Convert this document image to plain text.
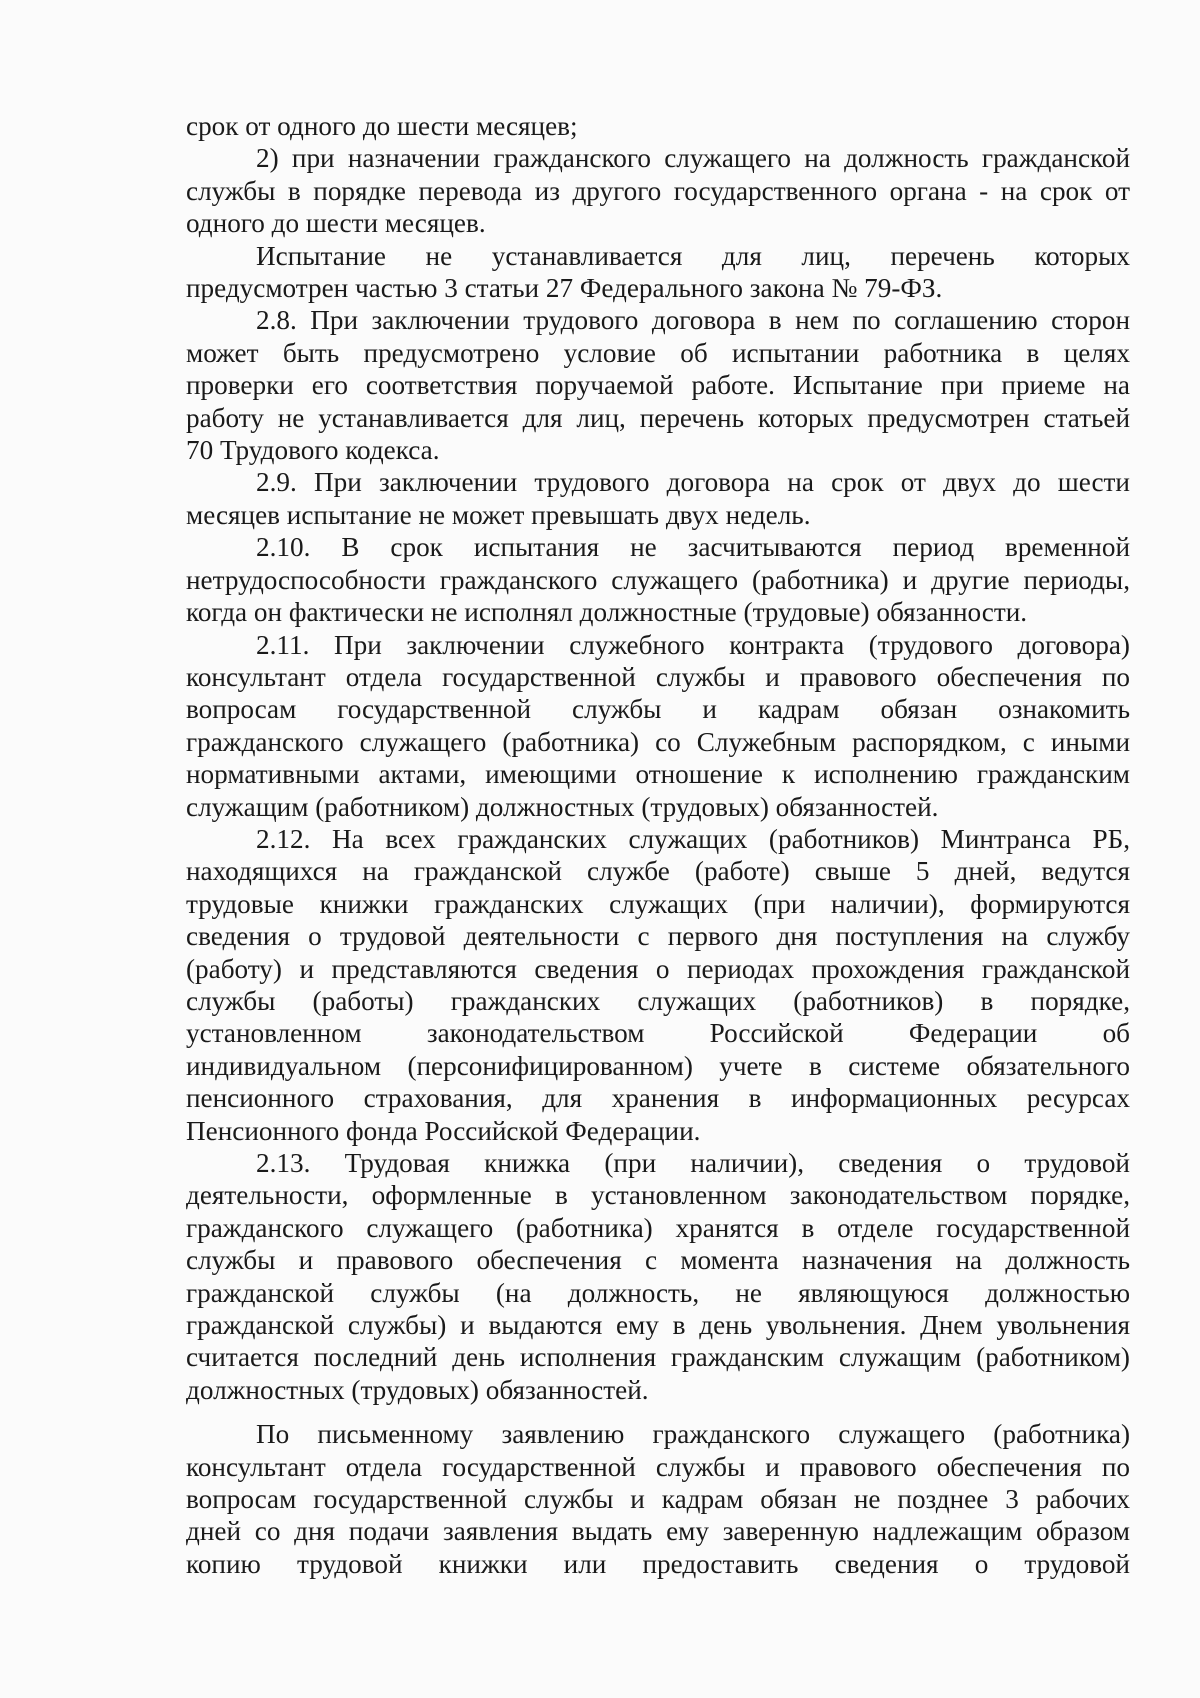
срок от одного до шести месяцев;
2) при назначении гражданского служащего на должность гражданской
службы в порядке перевода из другого государственного органа - на срок от
одного до шести месяцев.
Испытание не устанавливается для лиц, перечень которых
предусмотрен частью 3 статьи 27 Федерального закона № 79-ФЗ.
2.8. При заключении трудового договора в нем по соглашению сторон
может быть предусмотрено условие об испытании работника в целях
проверки его соответствия поручаемой работе. Испытание при приеме на
работу не устанавливается для лиц, перечень которых предусмотрен статьей
70 Трудового кодекса.
2.9. При заключении трудового договора на срок от двух до шести
месяцев испытание не может превышать двух недель.
2.10. В срок испытания не засчитываются период временной
нетрудоспособности гражданского служащего (работника) и другие периоды,
когда он фактически не исполнял должностные (трудовые) обязанности.
2.11. При заключении служебного контракта (трудового договора)
консультант отдела государственной службы и правового обеспечения по
вопросам государственной службы и кадрам обязан ознакомить
гражданского служащего (работника) со Служебным распорядком, с иными
нормативными актами, имеющими отношение к исполнению гражданским
служащим (работником) должностных (трудовых) обязанностей.
2.12. На всех гражданских служащих (работников) Минтранса РБ,
находящихся на гражданской службе (работе) свыше 5 дней, ведутся
трудовые книжки гражданских служащих (при наличии), формируются
сведения о трудовой деятельности с первого дня поступления на службу
(работу) и представляются сведения о периодах прохождения гражданской
службы (работы) гражданских служащих (работников) в порядке,
установленном законодательством Российской Федерации об
индивидуальном (персонифицированном) учете в системе обязательного
пенсионного страхования, для хранения в информационных ресурсах
Пенсионного фонда Российской Федерации.
2.13. Трудовая книжка (при наличии), сведения о трудовой
деятельности, оформленные в установленном законодательством порядке,
гражданского служащего (работника) хранятся в отделе государственной
службы и правового обеспечения с момента назначения на должность
гражданской службы (на должность, не являющуюся должностью
гражданской службы) и выдаются ему в день увольнения. Днем увольнения
считается последний день исполнения гражданским служащим (работником)
должностных (трудовых) обязанностей.
По письменному заявлению гражданского служащего (работника)
консультант отдела государственной службы и правового обеспечения по
вопросам государственной службы и кадрам обязан не позднее 3 рабочих
дней со дня подачи заявления выдать ему заверенную надлежащим образом
копию трудовой книжки или предоставить сведения о трудовой
